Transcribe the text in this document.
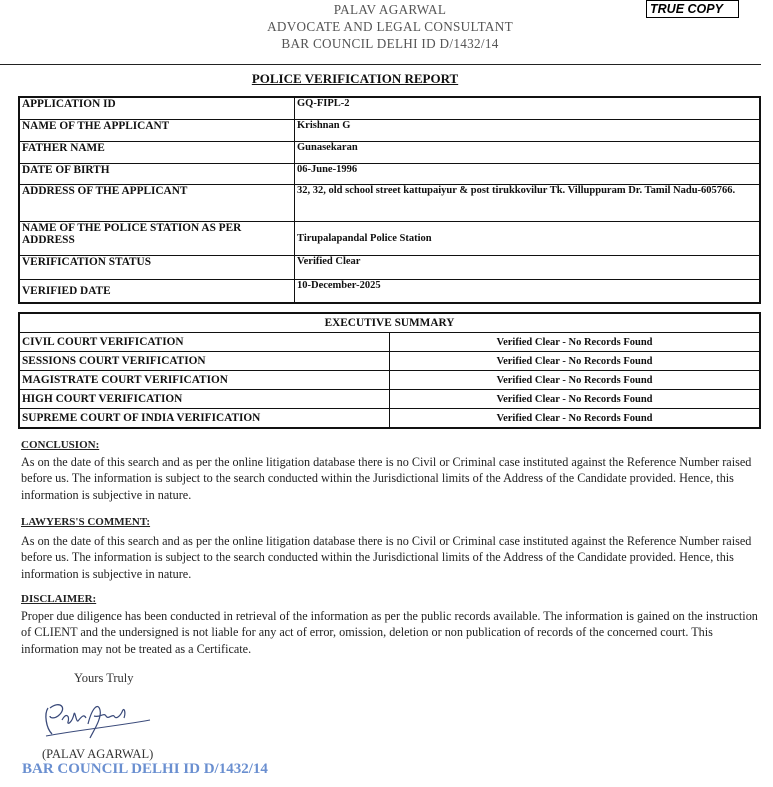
PALAV AGARWAL
ADVOCATE AND LEGAL CONSULTANT
BAR COUNCIL DELHI ID D/1432/14
TRUE COPY
POLICE VERIFICATION REPORT
APPLICATION ID	GQ-FIPL-2
NAME OF THE APPLICANT	Krishnan G
FATHER NAME	Gunasekaran
DATE OF BIRTH	06-June-1996
ADDRESS OF THE APPLICANT	32, 32, old school street kattupaiyur & post tirukkovilur Tk. Villuppuram Dr. Tamil Nadu-605766.
NAME OF THE POLICE STATION AS PER ADDRESS	Tirupalapandal Police Station
VERIFICATION STATUS	Verified Clear
VERIFIED DATE	10-December-2025
EXECUTIVE SUMMARY	
CIVIL COURT VERIFICATION	Verified Clear - No Records Found
SESSIONS COURT VERIFICATION	Verified Clear - No Records Found
MAGISTRATE COURT VERIFICATION	Verified Clear - No Records Found
HIGH COURT VERIFICATION	Verified Clear - No Records Found
SUPREME COURT OF INDIA VERIFICATION	Verified Clear - No Records Found
CONCLUSION:
As on the date of this search and as per the online litigation database there is no Civil or Criminal case instituted against the Reference Number raised before us. The information is subject to the search conducted within the Jurisdictional limits of the Address of the Candidate provided. Hence, this information is subjective in nature.
LAWYERS'S COMMENT:
As on the date of this search and as per the online litigation database there is no Civil or Criminal case instituted against the Reference Number raised before us. The information is subject to the search conducted within the Jurisdictional limits of the Address of the Candidate provided. Hence, this information is subjective in nature.
DISCLAIMER:
Proper due diligence has been conducted in retrieval of the information as per the public records available. The information is gained on the instruction of CLIENT and the undersigned is not liable for any act of error, omission, deletion or non publication of records of the concerned court. This information may not be treated as a Certificate.
Yours Truly
(PALAV AGARWAL)
BAR COUNCIL DELHI ID D/1432/14
